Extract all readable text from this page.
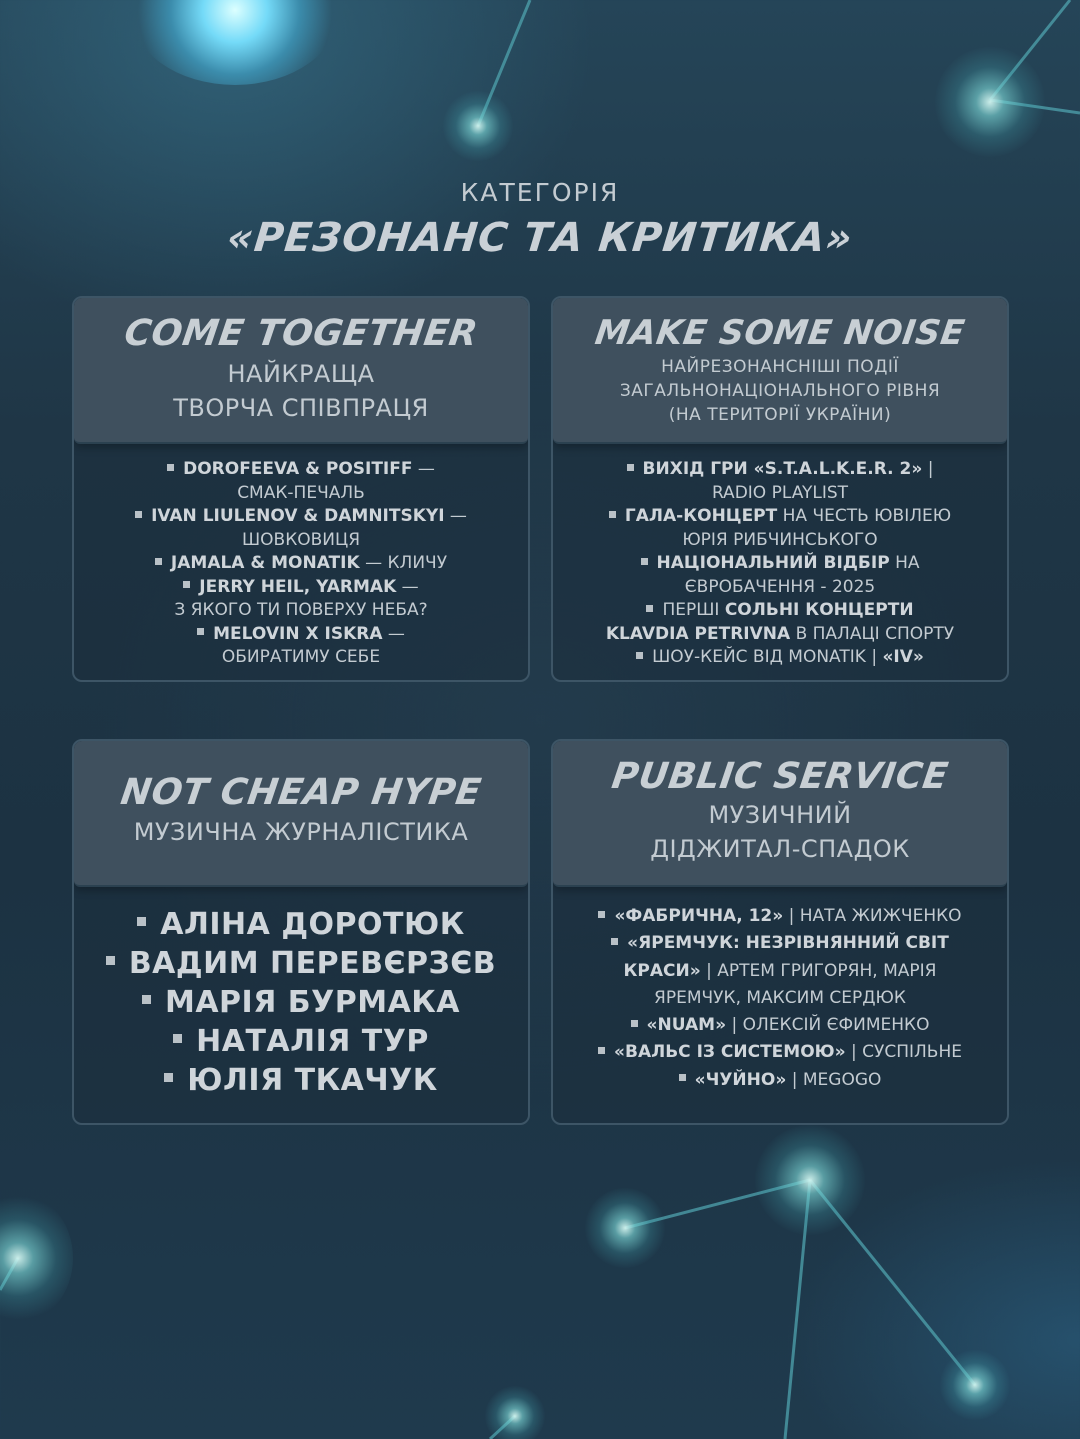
КАТЕГОРІЯ
«РЕЗОНАНС ТА КРИТИКА»
COME TOGETHER
НАЙКРАЩА
ТВОРЧА СПІВПРАЦЯ
DOROFEEVA & POSITIFF —
СМАК-ПЕЧАЛЬ
IVAN LIULENOV & DAMNITSKYI —
ШОВКОВИЦЯ
JAMALA & MONATIK — КЛИЧУ
JERRY HEIL, YARMAK —
З ЯКОГО ТИ ПОВЕРХУ НЕБА?
MELOVIN X ISKRA —
ОБИРАТИМУ СЕБЕ
MAKE SOME NOISE
НАЙРЕЗОНАНСНІШІ ПОДІЇ
ЗАГАЛЬНОНАЦІОНАЛЬНОГО РІВНЯ
(НА ТЕРИТОРІЇ УКРАЇНИ)
ВИХІД ГРИ «S.T.A.L.K.E.R. 2» |
RADIO PLAYLIST
ГАЛА-КОНЦЕРТ НА ЧЕСТЬ ЮВІЛЕЮ
ЮРІЯ РИБЧИНСЬКОГО
НАЦІОНАЛЬНИЙ ВІДБІР НА
ЄВРОБАЧЕННЯ - 2025
ПЕРШІ СОЛЬНІ КОНЦЕРТИ
KLAVDIA PETRIVNA В ПАЛАЦІ СПОРТУ
ШОУ-КЕЙС ВІД MONATIK | «IV»
NOT CHEAP HYPE
МУЗИЧНА ЖУРНАЛІСТИКА
АЛІНА ДОРОТЮК
ВАДИМ ПЕРЕВЄРЗЄВ
МАРІЯ БУРМАКА
НАТАЛІЯ ТУР
ЮЛІЯ ТКАЧУК
PUBLIC SERVICE
МУЗИЧНИЙ
ДІДЖИТАЛ-СПАДОК
«ФАБРИЧНА, 12» | НАТА ЖИЖЧЕНКО
«ЯРЕМЧУК: НЕЗРІВНЯННИЙ СВІТ
КРАСИ» | АРТЕМ ГРИГОРЯН, МАРІЯ
ЯРЕМЧУК, МАКСИМ СЕРДЮК
«NUAM» | ОЛЕКСІЙ ЄФИМЕНКО
«ВАЛЬС ІЗ СИСТЕМОЮ» | СУСПІЛЬНЕ
«ЧУЙНО» | MEGOGO
